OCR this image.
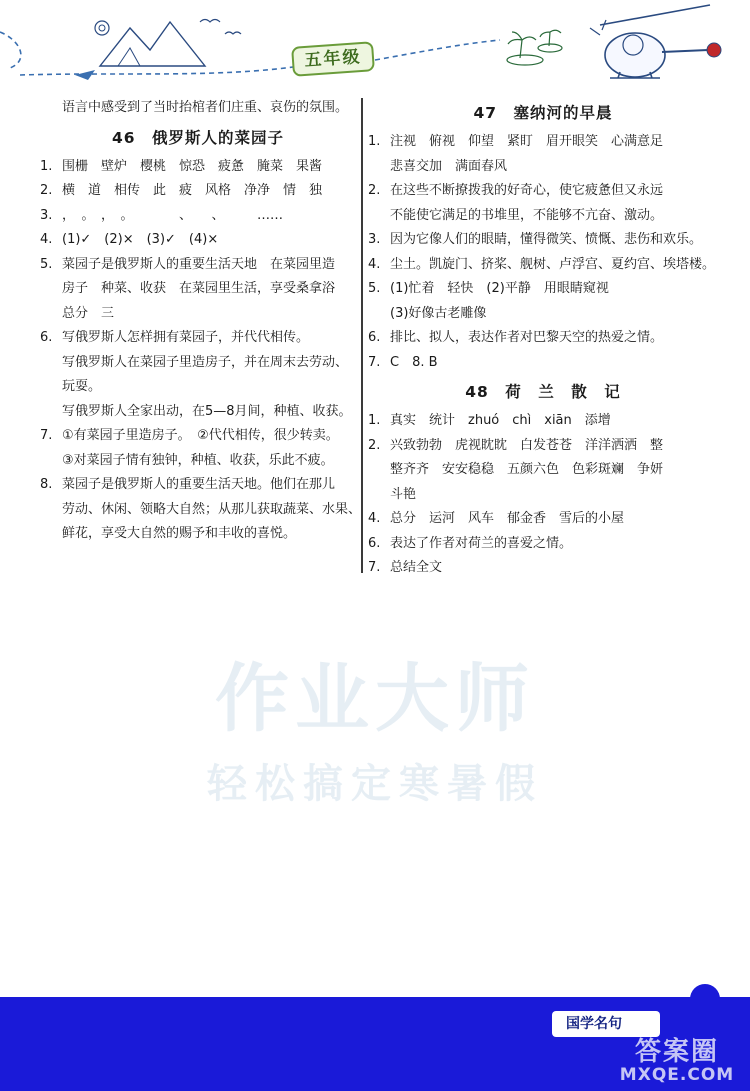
五年级
作业大师
轻松搞定寒暑假
语言中感受到了当时抬棺者们庄重、哀伤的氛围。
46　俄罗斯人的菜园子
1. 围栅　壁炉　樱桃　惊恐　疲惫　腌菜　果酱
2. 横　道　相传　此　疲　风格　净净　情　独
3. ，　。　，　。　　　　、　　、　　　……
4. (1)✓　(2)×　(3)✓　(4)×
5. 菜园子是俄罗斯人的重要生活天地　在菜园里造
房子　种菜、收获　在菜园里生活，享受桑拿浴
总分　三
6. 写俄罗斯人怎样拥有菜园子，并代代相传。
写俄罗斯人在菜园子里造房子，并在周末去劳动、
玩耍。
写俄罗斯人全家出动，在5—8月间，种植、收获。
7. ①有菜园子里造房子。　②代代相传，很少转卖。
③对菜园子情有独钟，种植、收获，乐此不疲。
8. 菜园子是俄罗斯人的重要生活天地。他们在那儿
劳动、休闲、领略大自然；从那儿获取蔬菜、水果、
鲜花，享受大自然的赐予和丰收的喜悦。
47　塞纳河的早晨
1. 注视　俯视　仰望　紧盯　眉开眼笑　心满意足
悲喜交加　满面春风
2. 在这些不断撩拨我的好奇心，使它疲惫但又永远
不能使它满足的书堆里，不能够不亢奋、激动。
3. 因为它像人们的眼睛，懂得微笑、愤慨、悲伤和欢乐。
4. 尘土。凯旋门、挤桨、舰树、卢浮宫、夏约宫、埃塔楼。
5. (1)忙着　轻快　(2)平静　用眼睛窥视
(3)好像古老雕像
6. 排比、拟人，表达作者对巴黎天空的热爱之情。
7. C　8. B
48　荷　兰　散　记
1. 真实　统计　zhuó　chì　xiān　添增
2. 兴致勃勃　虎视眈眈　白发苍苍　洋洋洒洒　整
整齐齐　安安稳稳　五颜六色　色彩斑斓　争妍
斗艳
4. 总分　运河　风车　郁金香　雪后的小屋
6. 表达了作者对荷兰的喜爱之情。
7. 总结全文
国学名句
答案圈
MXQE.COM
